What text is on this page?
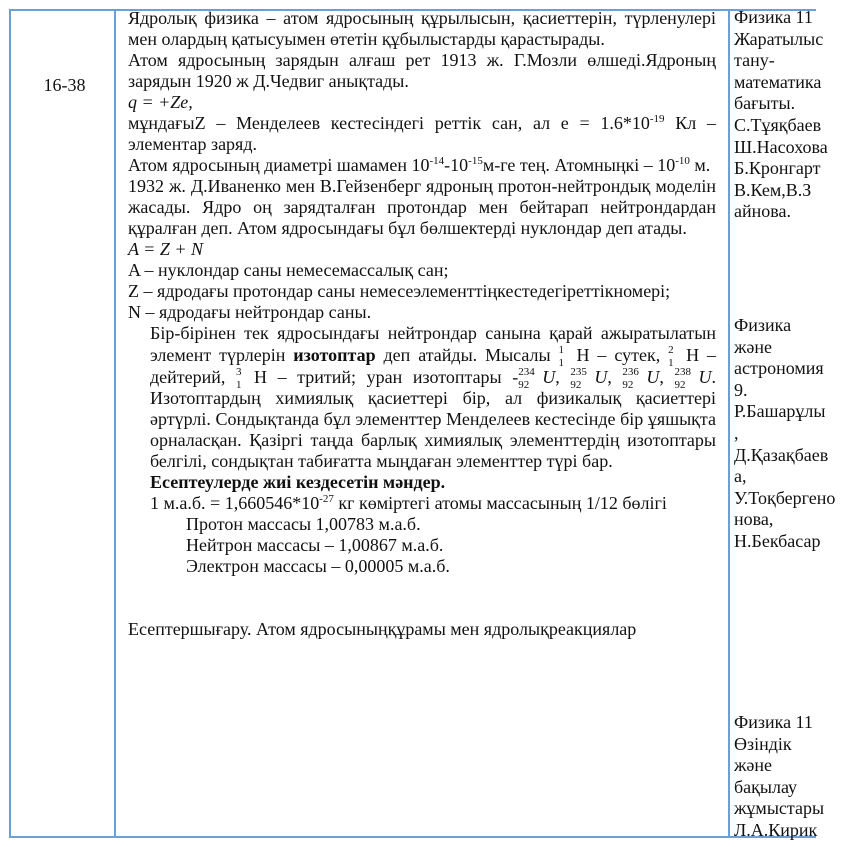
16-38

Ядролық физика – атом ядросының құрылысын, қасиеттерін, түрленулері мен олардың қатысуымен өтетін құбылыстарды қарастырады.

Атом ядросының зарядын алғаш рет 1913 ж. Г.Мозли өлшеді.Ядроның зарядын 1920 ж Д.Чедвиг анықтады.

q = +Ze,

мұндағыZ – Менделеев кестесіндегі реттік сан, ал $е = 1.6*10^{-19}$ Кл – элементар заряд.

Атом ядросының диаметрі шамамен $10^{-14}-10^{-15}м-ге$ тең. Атомныңкі – $10^{-10}$ м.

1932 ж. Д.Иваненко мен В.Гейзенберг ядроның протон-нейтрондық моделін жасады. Ядро оң зарядталған протондар мен бейтарап нейтрондардан құралған деп. Атом ядросындағы бұл бөлшектерді нуклондар деп атады.

A = Z + N

A – нуклондар саны немесемассалық сан;

Z – ядродағы протондар саны немесеэлементтіңкестедегіреттікномері;

N – ядродағы нейтрондар саны.

Бір-бірінен тек ядросындағы нейтрондар санына қарай ажыратылатын элемент түрлерін изотоптар деп атайды. Мысалы 1
1 H – сутек, 2
1 H – дейтерий, 3
1 H – тритий; уран изотоптары - 234
92 U, 235
92 U, 236
92 U, 238
92 U. Изотоптардың химиялық қасиеттері бір, ал физикалық қасиеттері әртүрлі. Сондықтанда бұл элементтер Менделеев кестесінде бір ұяшықта орналасқан. Қазіргі таңда барлық химиялық элементтердің изотоптары белгілі, сондықтан табиғатта мыңдаған элементтер түрі бар.

Есептеулерде жиі кездесетін мәндер.

1 м.а.б. = $1,660546*10^{-27}$ кг көміртегі атомы массасының 1/12 бөлігі

Протон массасы 1,00783 м.а.б.

Нейтрон массасы – 1,00867 м.а.б.

Электрон массасы – 0,00005 м.а.б.

Есептершығару. Атом ядросыныңқұрамы мен ядролықреакциялар

Физика 11
Жаратылыс
тану-
математика
бағыты.
С.Тұяқбаев
Ш.Насохова
Б.Кронгарт
В.Кем,В.З
айнова.
Физика
және
астрономия
9.
Р.Башарұлы
,
Д.Қазақбаев
а,
У.Тоқбергено
нова,
Н.Бекбасар
Физика 11
Өзіндік
және
бақылау
жұмыстары
Л.А.Кирик
